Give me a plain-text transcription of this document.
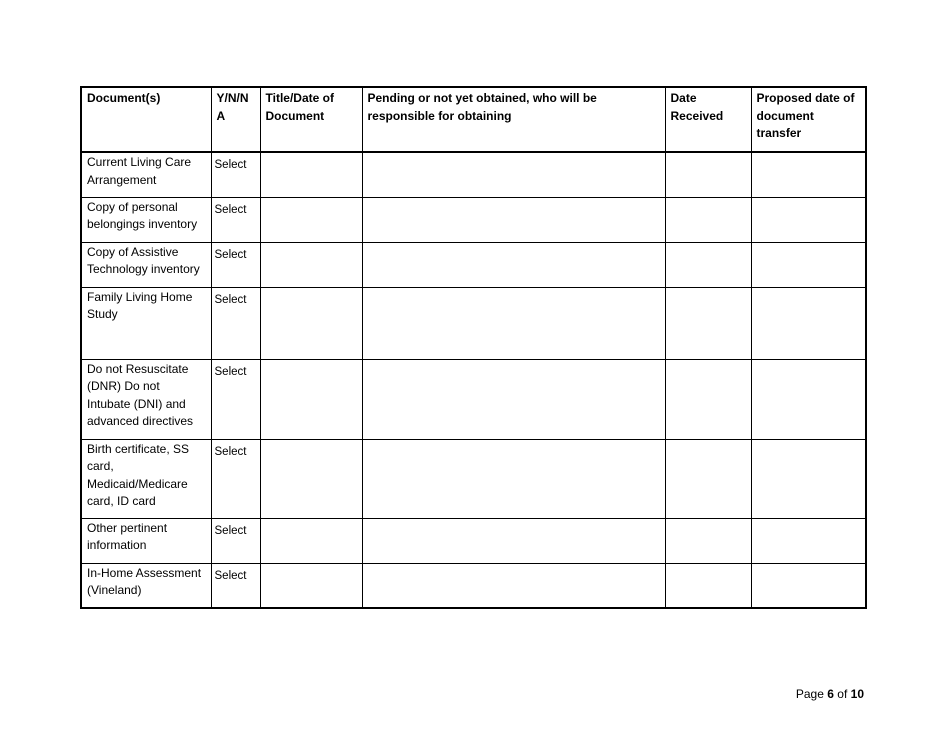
Document(s)	Y/N/N A	Title/Date of Document	Pending or not yet obtained, who will be responsible for obtaining	Date Received	Proposed date of document transfer
Current Living Care Arrangement	Select				
Copy of personal belongings inventory	Select				
Copy of Assistive Technology inventory	Select				
Family Living Home Study	Select				
Do not Resuscitate (DNR) Do not Intubate (DNI) and advanced directives	Select				
Birth certificate, SS card, Medicaid/Medicare card, ID card	Select				
Other pertinent information	Select				
In-Home Assessment (Vineland)	Select				
Page 6 of 10
